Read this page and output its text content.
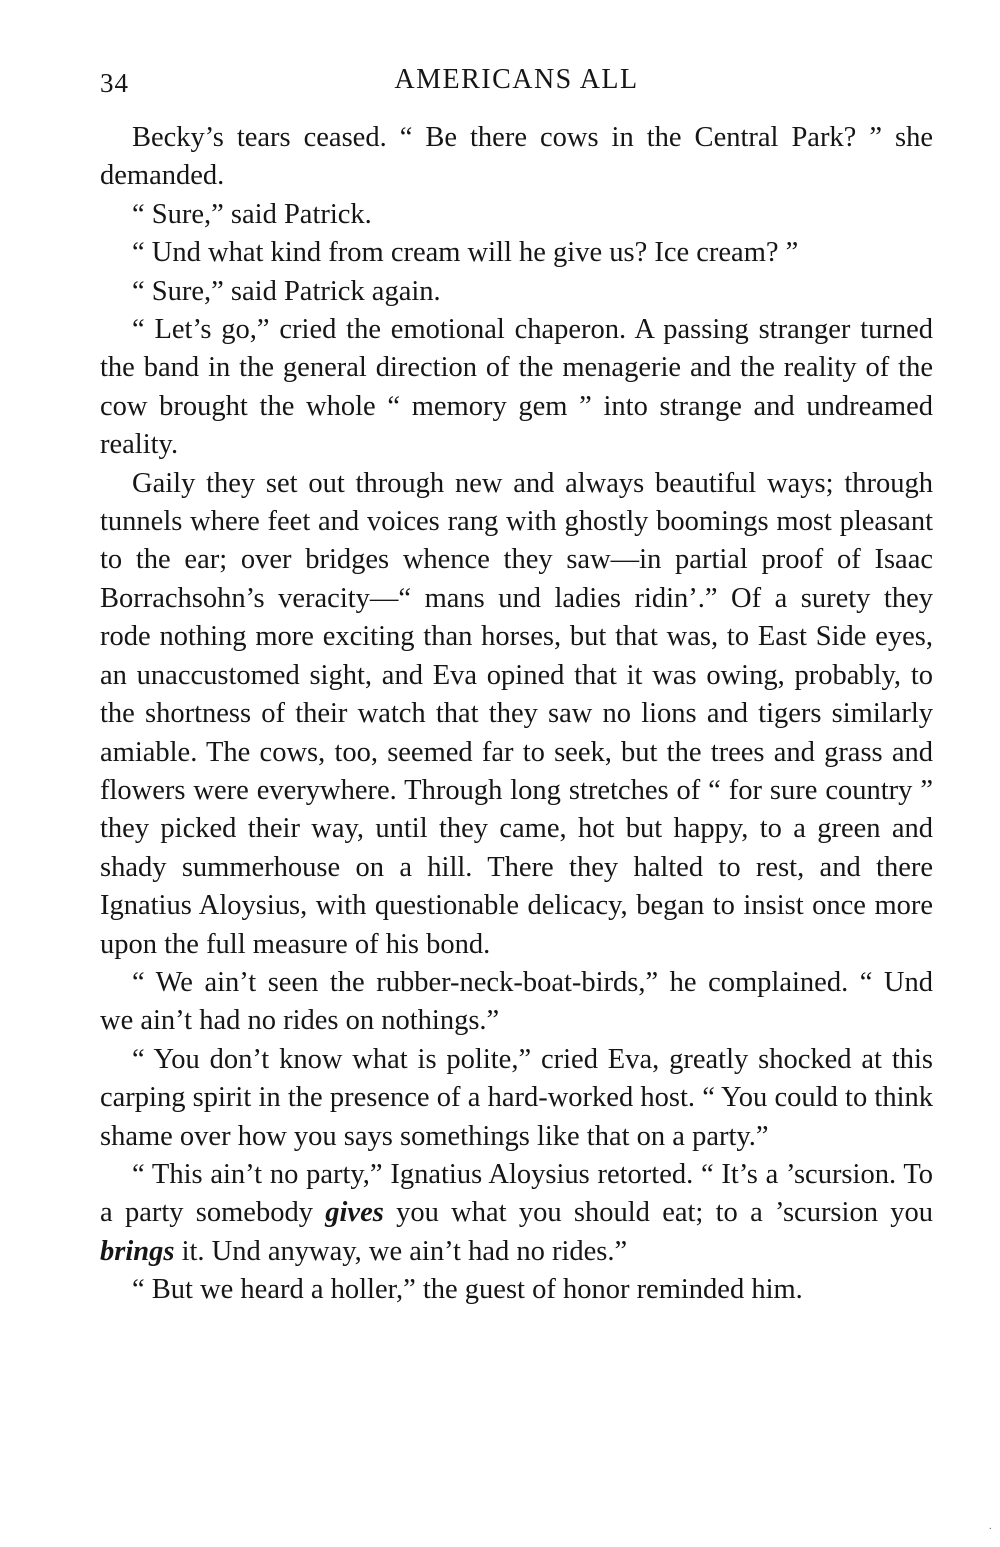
34	AMERICANS ALL

Becky’s tears ceased. “ Be there cows in the Central Park? ” she demanded.

“ Sure,” said Patrick.

“ Und what kind from cream will he give us? Ice cream? ”

“ Sure,” said Patrick again.

“ Let’s go,” cried the emotional chaperon. A passing stranger turned the band in the general direction of the menagerie and the reality of the cow brought the whole “ memory gem ” into strange and undreamed reality.

Gaily they set out through new and always beautiful ways; through tunnels where feet and voices rang with ghostly boomings most pleasant to the ear; over bridges whence they saw—in partial proof of Isaac Borrachsohn’s veracity—“ mans und ladies ridin’.” Of a surety they rode nothing more exciting than horses, but that was, to East Side eyes, an unaccustomed sight, and Eva opined that it was owing, probably, to the shortness of their watch that they saw no lions and tigers similarly amiable. The cows, too, seemed far to seek, but the trees and grass and flowers were everywhere. Through long stretches of “ for sure country ” they picked their way, until they came, hot but happy, to a green and shady summerhouse on a hill. There they halted to rest, and there Ignatius Aloysius, with questionable delicacy, began to insist once more upon the full measure of his bond.

“ We ain’t seen the rubber-neck-boat-birds,” he complained. “ Und we ain’t had no rides on nothings.”

“ You don’t know what is polite,” cried Eva, greatly shocked at this carping spirit in the presence of a hard-worked host. “ You could to think shame over how you says somethings like that on a party.”

“ This ain’t no party,” Ignatius Aloysius retorted. “ It’s a ’scursion. To a party somebody gives you what you should eat; to a ’scursion you brings it. Und anyway, we ain’t had no rides.”

“ But we heard a holler,” the guest of honor reminded him.

·
